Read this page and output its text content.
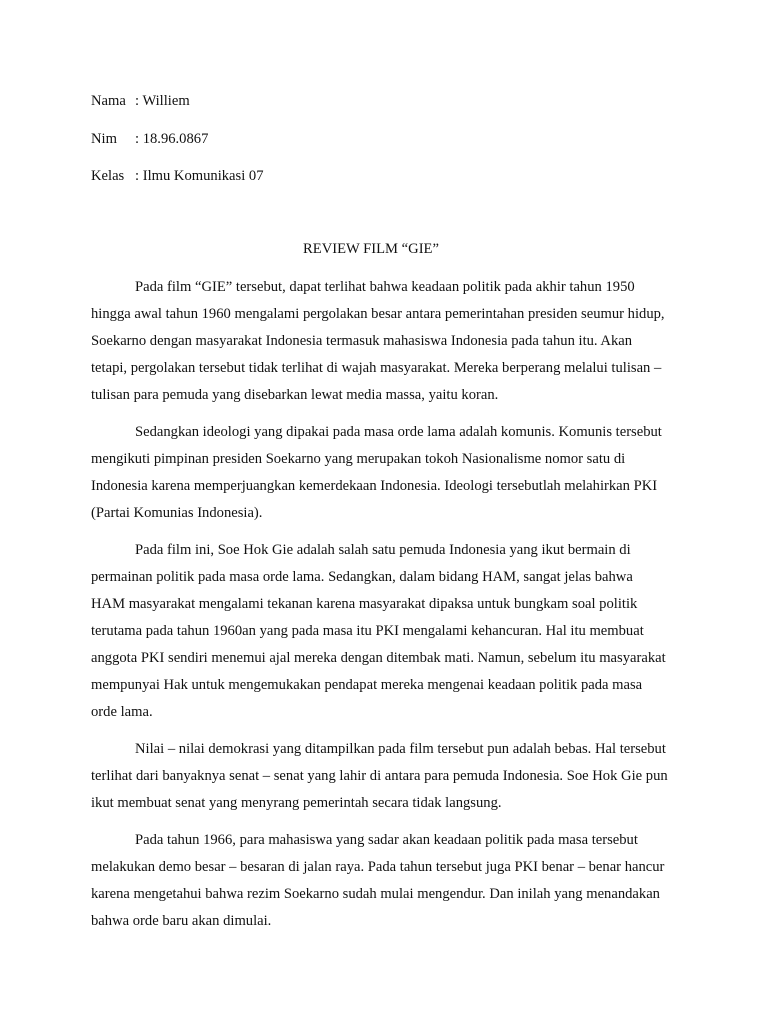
Nama : Williem
Nim	: 18.96.0867
Kelas : Ilmu Komunikasi 07
REVIEW FILM “GIE”

Pada film “GIE” tersebut, dapat terlihat bahwa keadaan politik pada akhir tahun 1950 hingga awal tahun 1960 mengalami pergolakan besar antara pemerintahan presiden seumur hidup, Soekarno dengan masyarakat Indonesia termasuk mahasiswa Indonesia pada tahun itu. Akan tetapi, pergolakan tersebut tidak terlihat di wajah masyarakat. Mereka berperang melalui tulisan – tulisan para pemuda yang disebarkan lewat media massa, yaitu koran.

Sedangkan ideologi yang dipakai pada masa orde lama adalah komunis. Komunis tersebut mengikuti pimpinan presiden Soekarno yang merupakan tokoh Nasionalisme nomor satu di Indonesia karena memperjuangkan kemerdekaan Indonesia. Ideologi tersebutlah melahirkan PKI (Partai Komunias Indonesia).

Pada film ini, Soe Hok Gie adalah salah satu pemuda Indonesia yang ikut bermain di permainan politik pada masa orde lama. Sedangkan, dalam bidang HAM, sangat jelas bahwa HAM masyarakat mengalami tekanan karena masyarakat dipaksa untuk bungkam soal politik terutama pada tahun 1960an yang pada masa itu PKI mengalami kehancuran. Hal itu membuat anggota PKI sendiri menemui ajal mereka dengan ditembak mati. Namun, sebelum itu masyarakat mempunyai Hak untuk mengemukakan pendapat mereka mengenai keadaan politik pada masa orde lama.

Nilai – nilai demokrasi yang ditampilkan pada film tersebut pun adalah bebas. Hal tersebut terlihat dari banyaknya senat – senat yang lahir di antara para pemuda Indonesia. Soe Hok Gie pun ikut membuat senat yang menyrang pemerintah secara tidak langsung.

Pada tahun 1966, para mahasiswa yang sadar akan keadaan politik pada masa tersebut melakukan demo besar – besaran di jalan raya. Pada tahun tersebut juga PKI benar – benar hancur karena mengetahui bahwa rezim Soekarno sudah mulai mengendur. Dan inilah yang menandakan bahwa orde baru akan dimulai.
